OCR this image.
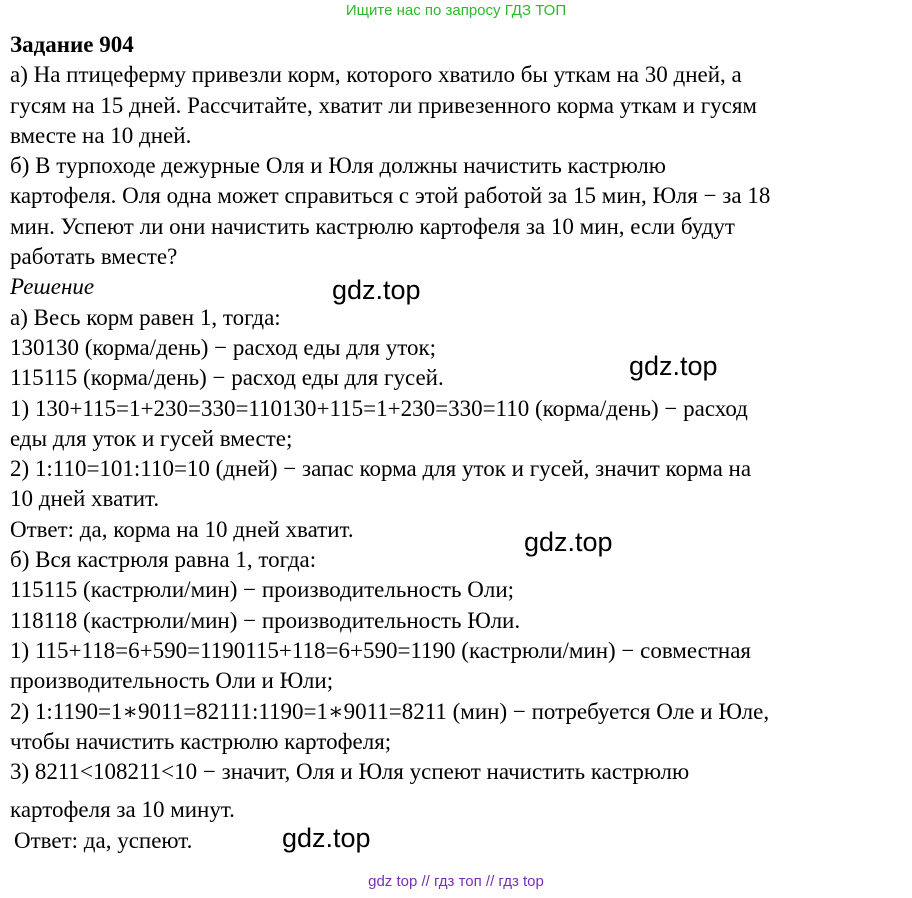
Ищите нас по запросу ГДЗ ТОП

Задание 904

а) На птицеферму привезли корм, которого хватило бы уткам на 30 дней, а

гусям на 15 дней. Рассчитайте, хватит ли привезенного корма уткам и гусям

вместе на 10 дней.

б) В турпоходе дежурные Оля и Юля должны начистить кастрюлю

картофеля. Оля одна может справиться с этой работой за 15 мин, Юля − за 18

мин. Успеют ли они начистить кастрюлю картофеля за 10 мин, если будут

работать вместе?

Решение

а) Весь корм равен 1, тогда:

130130 (корма/день) − расход еды для уток;

115115 (корма/день) − расход еды для гусей.

1) 130+115=1+230=330=110130+115=1+230=330=110 (корма/день) − расход

еды для уток и гусей вместе;

2) 1:110=101:110=10 (дней) − запас корма для уток и гусей, значит корма на

10 дней хватит.

Ответ: да, корма на 10 дней хватит.

б) Вся кастрюля равна 1, тогда:

115115 (кастрюли/мин) − производительность Оли;

118118 (кастрюли/мин) − производительность Юли.

1) 115+118=6+590=1190115+118=6+590=1190 (кастрюли/мин) − совместная

производительность Оли и Юли;

2) 1:1190=1∗9011=82111:1190=1∗9011=8211 (мин) − потребуется Оле и Юле,

чтобы начистить кастрюлю картофеля;

3) 8211<108211<10 − значит, Оля и Юля успеют начистить кастрюлю

картофеля за 10 минут.

Ответ: да, успеют.

gdz.top
gdz.top
gdz.top
gdz.top
gdz top // гдз топ // гдз top
